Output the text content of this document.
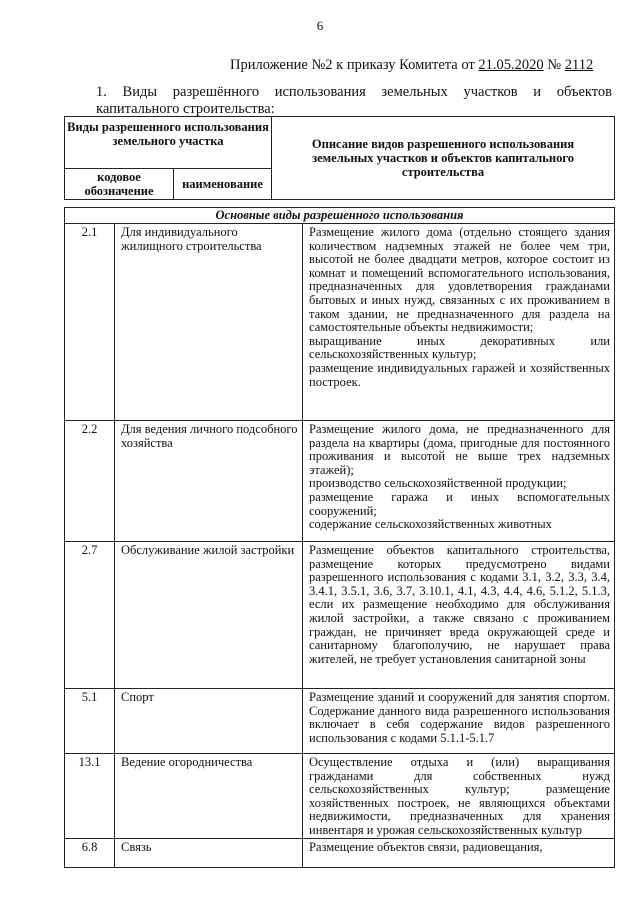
6
Приложение №2 к приказу Комитета от 21.05.2020 № 2112
1. Виды разрешённого использования земельных участков и объектов
капитального строительства:
Виды разрешенного использования земельного участка		Описание видов разрешенного использования земельных участков и объектов капитального строительства
кодовое обозначение	наименование	
Основные виды разрешенного использования		
2.1	Для индивидуального жилищного строительства	Размещение жилого дома (отдельно стоящего здания количеством надземных этажей не более чем три, высотой не более двадцати метров, которое состоит из комнат и помещений вспомогательного использования, предназначенных для удовлетворения гражданами бытовых и иных нужд, связанных с их проживанием в таком здании, не предназначенного для раздела на самостоятельные объекты недвижимости;
выращивание иных декоративных или сельскохозяйственных культур;
размещение индивидуальных гаражей и хозяйственных построек.

2.2	Для ведения личного подсобного хозяйства	Размещение жилого дома, не предназначенного для раздела на квартиры (дома, пригодные для постоянного проживания и высотой не выше трех надземных этажей);
производство сельскохозяйственной продукции;
размещение гаража и иных вспомогательных сооружений;
содержание сельскохозяйственных животных

2.7	Обслуживание жилой застройки	Размещение объектов капитального строительства, размещение которых предусмотрено видами разрешенного использования с кодами 3.1, 3.2, 3.3, 3.4, 3.4.1, 3.5.1, 3.6, 3.7, 3.10.1, 4.1, 4.3, 4.4, 4.6, 5.1.2, 5.1.3, если их размещение необходимо для обслуживания жилой застройки, а также связано с проживанием граждан, не причиняет вреда окружающей среде и санитарному благополучию, не нарушает права жителей, не требует установления санитарной зоны

5.1	Спорт	Размещение зданий и сооружений для занятия спортом. Содержание данного вида разрешенного использования включает в себя содержание видов разрешенного использования с кодами 5.1.1-5.1.7

13.1	Ведение огородничества	Осуществление отдыха и (или) выращивания гражданами для собственных нужд сельскохозяйственных культур; размещение хозяйственных построек, не являющихся объектами недвижимости, предназначенных для хранения инвентаря и урожая сельскохозяйственных культур

6.8	Связь	Размещение объектов связи, радиовещания,
